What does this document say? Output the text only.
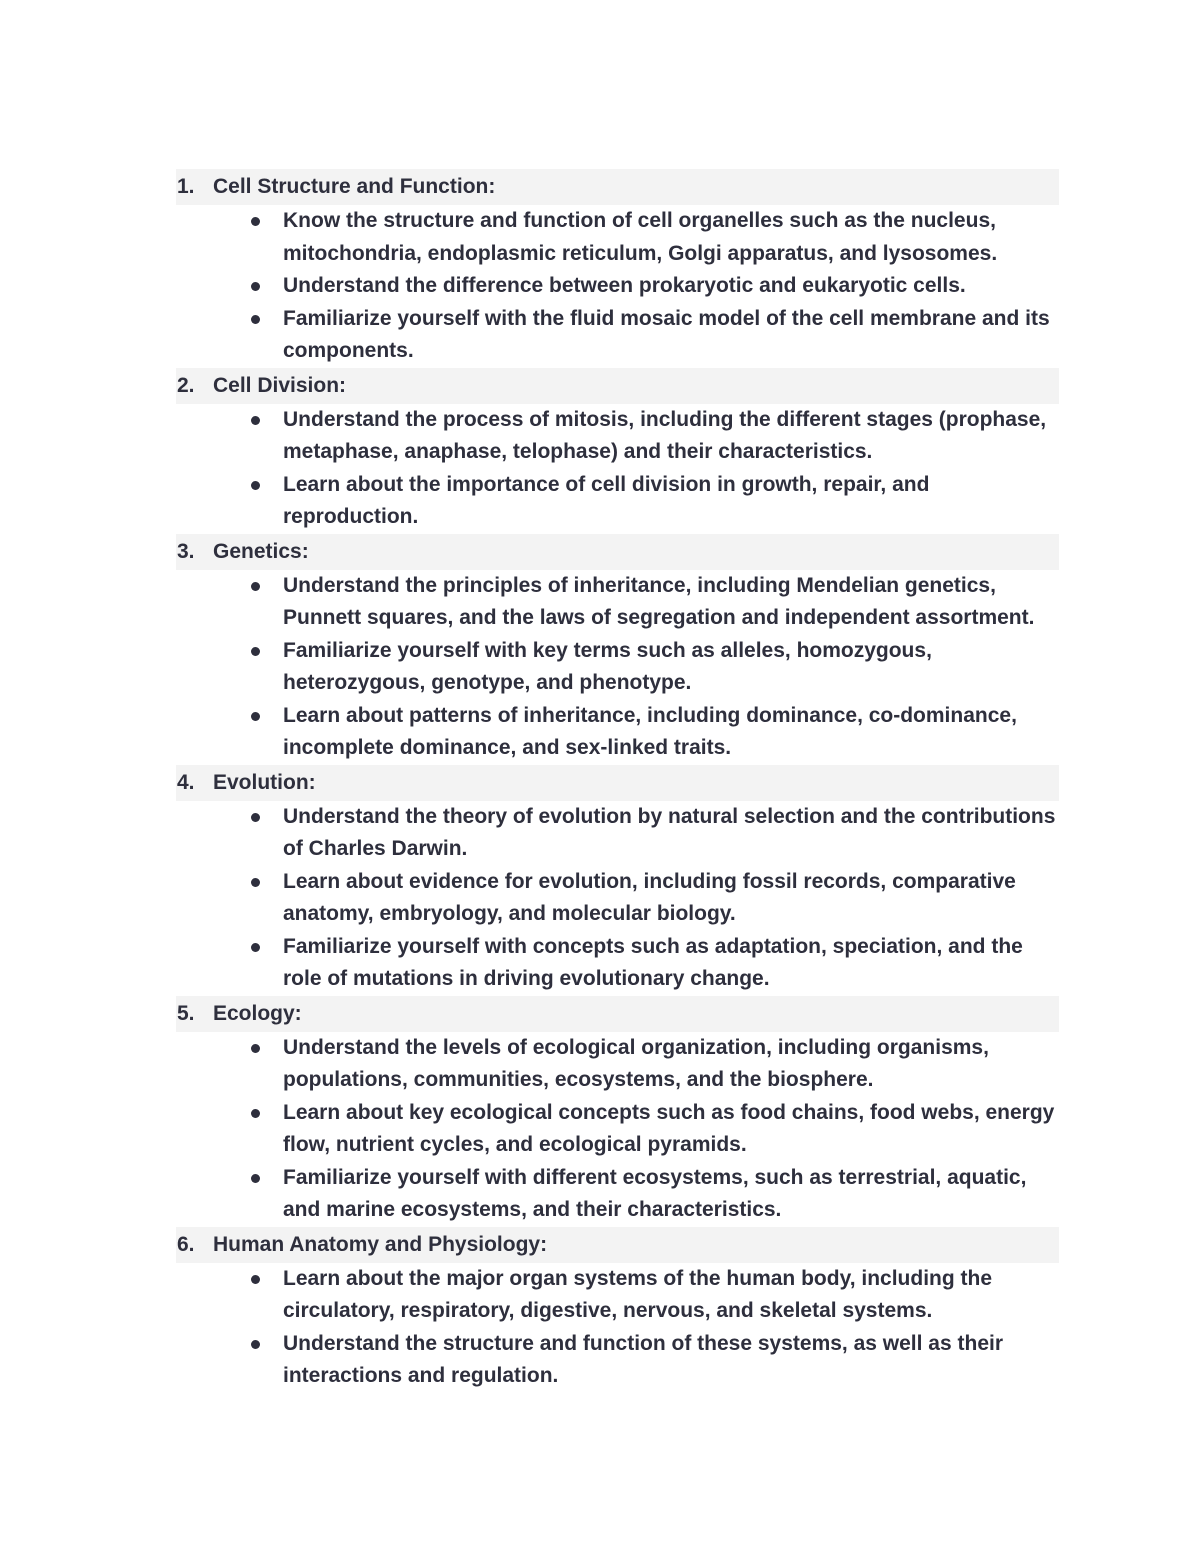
1. Cell Structure and Function:
Know the structure and function of cell organelles such as the nucleus, mitochondria, endoplasmic reticulum, Golgi apparatus, and lysosomes.
Understand the difference between prokaryotic and eukaryotic cells.
Familiarize yourself with the fluid mosaic model of the cell membrane and its components.
2. Cell Division:
Understand the process of mitosis, including the different stages (prophase, metaphase, anaphase, telophase) and their characteristics.
Learn about the importance of cell division in growth, repair, and reproduction.
3. Genetics:
Understand the principles of inheritance, including Mendelian genetics, Punnett squares, and the laws of segregation and independent assortment.
Familiarize yourself with key terms such as alleles, homozygous, heterozygous, genotype, and phenotype.
Learn about patterns of inheritance, including dominance, co-dominance, incomplete dominance, and sex-linked traits.
4. Evolution:
Understand the theory of evolution by natural selection and the contributions of Charles Darwin.
Learn about evidence for evolution, including fossil records, comparative anatomy, embryology, and molecular biology.
Familiarize yourself with concepts such as adaptation, speciation, and the role of mutations in driving evolutionary change.
5. Ecology:
Understand the levels of ecological organization, including organisms, populations, communities, ecosystems, and the biosphere.
Learn about key ecological concepts such as food chains, food webs, energy flow, nutrient cycles, and ecological pyramids.
Familiarize yourself with different ecosystems, such as terrestrial, aquatic, and marine ecosystems, and their characteristics.
6. Human Anatomy and Physiology:
Learn about the major organ systems of the human body, including the circulatory, respiratory, digestive, nervous, and skeletal systems.
Understand the structure and function of these systems, as well as their interactions and regulation.
